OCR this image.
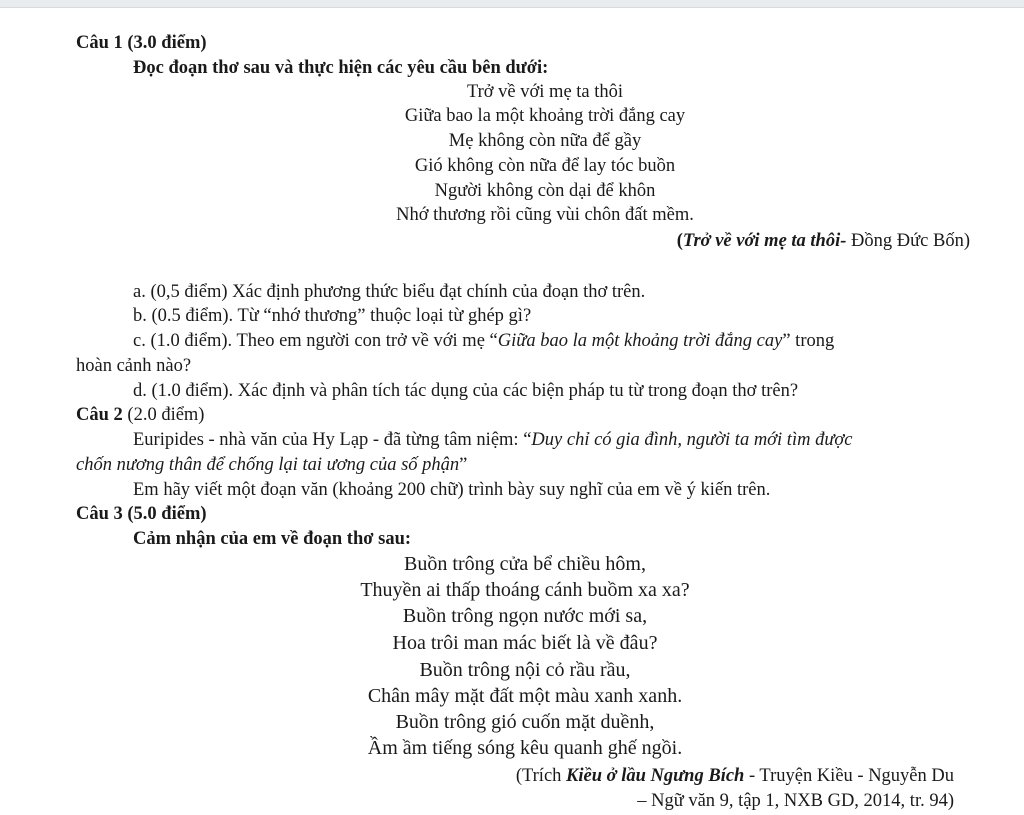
Câu 1 (3.0 điểm)
Đọc đoạn thơ sau và thực hiện các yêu cầu bên dưới:
Trở về với mẹ ta thôi
Giữa bao la một khoảng trời đắng cay
Mẹ không còn nữa để gầy
Gió không còn nữa để lay tóc buồn
Người không còn dại để khôn
Nhớ thương rồi cũng vùi chôn đất mềm.
(Trở về với mẹ ta thôi- Đồng Đức Bốn)
a. (0,5 điểm) Xác định phương thức biểu đạt chính của đoạn thơ trên.
b. (0.5 điểm). Từ “nhớ thương” thuộc loại từ ghép gì?
c. (1.0 điểm). Theo em người con trở về với mẹ “Giữa bao la một khoảng trời đắng cay” trong
hoàn cảnh nào?
d. (1.0 điểm). Xác định và phân tích tác dụng của các biện pháp tu từ trong đoạn thơ trên?
Câu 2 (2.0 điểm)
Euripides - nhà văn của Hy Lạp - đã từng tâm niệm: “Duy chỉ có gia đình, người ta mới tìm được
chốn nương thân để chống lại tai ương của số phận”
Em hãy viết một đoạn văn (khoảng 200 chữ) trình bày suy nghĩ của em về ý kiến trên.
Câu 3 (5.0 điểm)
Cảm nhận của em về đoạn thơ sau:
Buồn trông cửa bể chiều hôm,
Thuyền ai thấp thoáng cánh buồm xa xa?
Buồn trông ngọn nước mới sa,
Hoa trôi man mác biết là về đâu?
Buồn trông nội cỏ rầu rầu,
Chân mây mặt đất một màu xanh xanh.
Buồn trông gió cuốn mặt duềnh,
Ầm ầm tiếng sóng kêu quanh ghế ngồi.
(Trích Kiều ở lầu Ngưng Bích - Truyện Kiều - Nguyễn Du
– Ngữ văn 9, tập 1, NXB GD, 2014, tr. 94)
